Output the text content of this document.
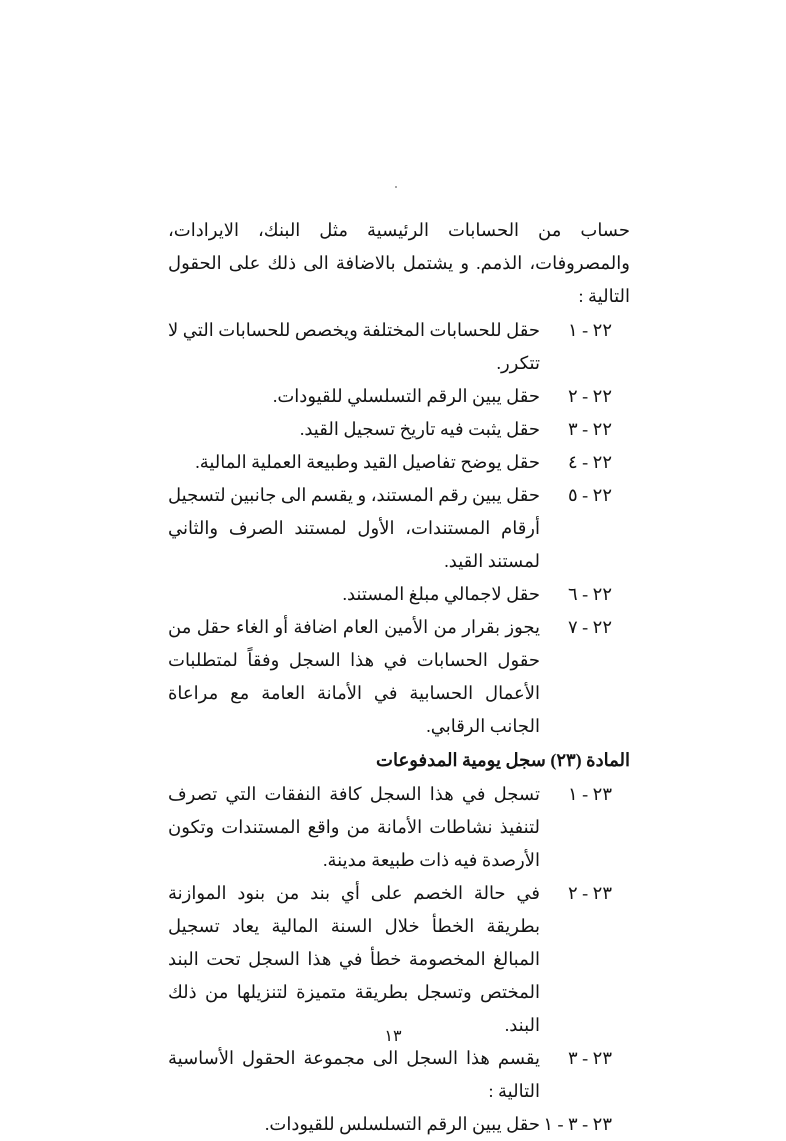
حساب من الحسابات الرئيسية مثل البنك، الايرادات، والمصروفات، الذمم. و يشتمل بالاضافة الى ذلك على الحقول التالية :

٢٢ - ١
حقل للحسابات المختلفة ويخصص للحسابات التي لا تتكرر.
٢٢ - ٢
حقل يبين الرقم التسلسلي للقيودات.
٢٢ - ٣
حقل يثبت فيه تاريخ تسجيل القيد.
٢٢ - ٤
حقل يوضح تفاصيل القيد وطبيعة العملية المالية.
٢٢ - ٥
حقل يبين رقم المستند، و يقسم الى جانبين لتسجيل أرقام المستندات، الأول لمستند الصرف والثاني لمستند القيد.
٢٢ - ٦
حقل لاجمالي مبلغ المستند.
٢٢ - ٧
يجوز بقرار من الأمين العام اضافة أو الغاء حقل من حقول الحسابات في هذا السجل وفقاً لمتطلبات الأعمال الحسابية في الأمانة العامة مع مراعاة الجانب الرقابي.
المادة (٢٣) سجل يومية المدفوعات
٢٣ - ١
تسجل في هذا السجل كافة النفقات التي تصرف لتنفيذ نشاطات الأمانة من واقع المستندات وتكون الأرصدة فيه ذات طبيعة مدينة.
٢٣ - ٢
في حالة الخصم على أي بند من بنود الموازنة بطريقة الخطأ خلال السنة المالية يعاد تسجيل المبالغ المخصومة خطأ في هذا السجل تحت البند المختص وتسجل بطريقة متميزة لتنزيلها من ذلك البند.
٢٣ - ٣
يقسم هذا السجل الى مجموعة الحقول الأساسية التالية :
٢٣ - ٣ - ١
حقل يبين الرقم التسلسلس للقيودات.
١٣
